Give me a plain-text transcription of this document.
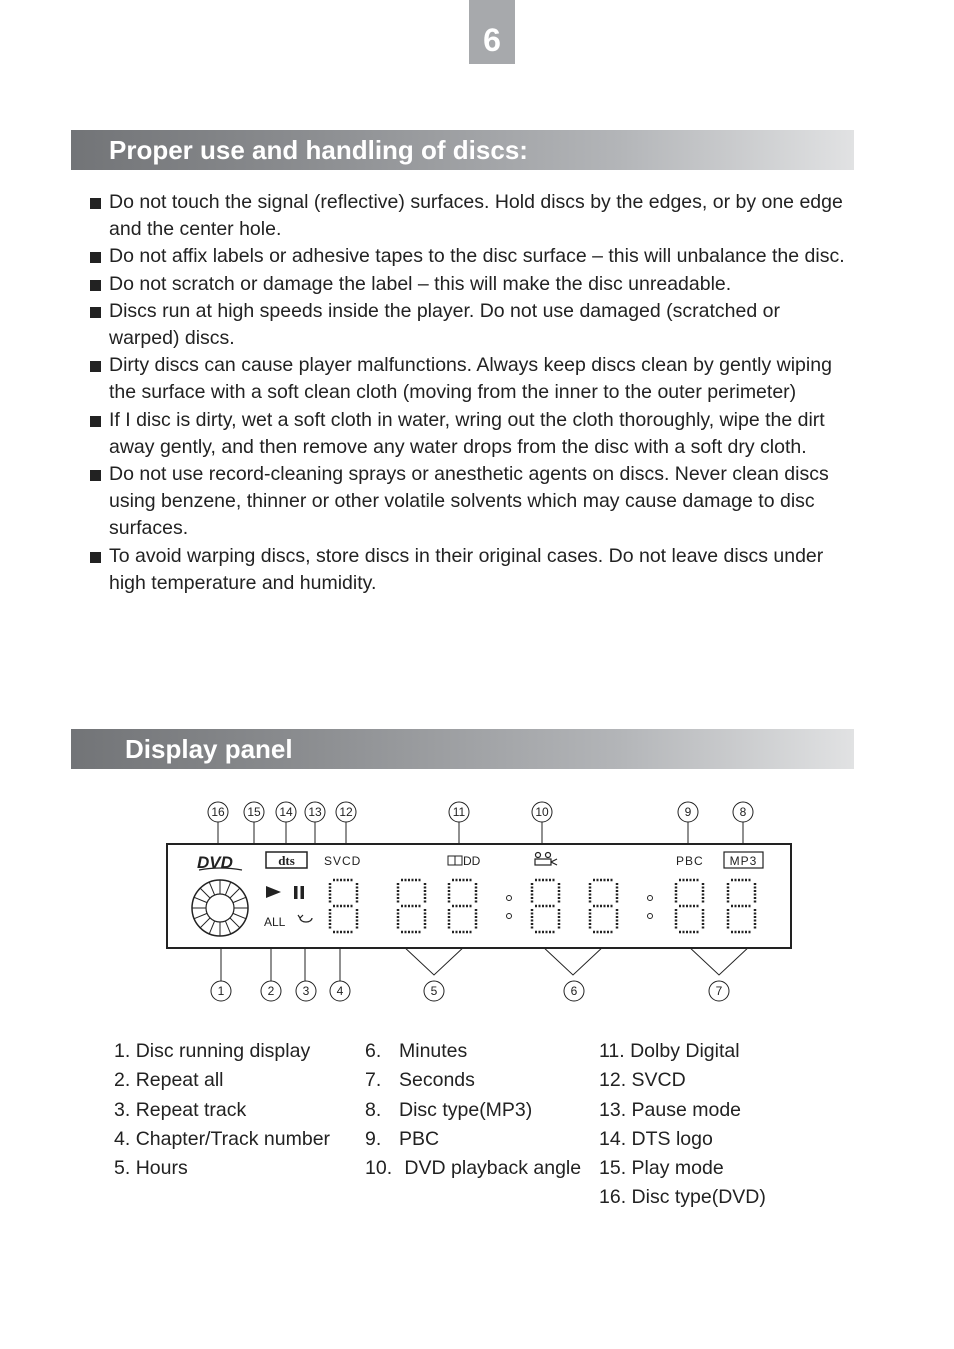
6
Proper use and handling of discs:
Do not touch the signal (reflective) surfaces. Hold discs by the edges, or by one edge and the center hole.
Do not affix labels or adhesive tapes to the disc surface – this will unbalance the disc.
Do not scratch or damage the label – this will make the disc unreadable.
Discs run at high speeds inside the player. Do not use damaged (scratched or warped) discs.
Dirty discs can cause player malfunctions. Always keep discs clean by gently wiping the surface with a soft clean cloth (moving from the inner to the outer perimeter)
If I disc is dirty, wet a soft cloth in water, wring out the cloth thoroughly, wipe the dirt away gently, and then remove any water drops from the disc with a soft dry cloth.
Do not use record-cleaning sprays or anesthetic agents on discs. Never clean discs using benzene, thinner or other volatile solvents which may cause damage to disc surfaces.
To avoid warping discs, store discs in their original cases. Do not leave discs under high temperature and humidity.
Display panel
16 15 14 13 12	11	10	9	8
DVD	dts SVCD	DD	PBC MP3
ALL
1	2 3 4	5	6	7
1. Disc running display
2. Repeat all
3. Repeat track
4. Chapter/Track number
5. Hours
6. Minutes
7. Seconds
8. Disc type(MP3)
9. PBC
10. DVD playback angle
11. Dolby Digital
12. SVCD
13. Pause mode
14. DTS logo
15. Play mode
16. Disc type(DVD)
